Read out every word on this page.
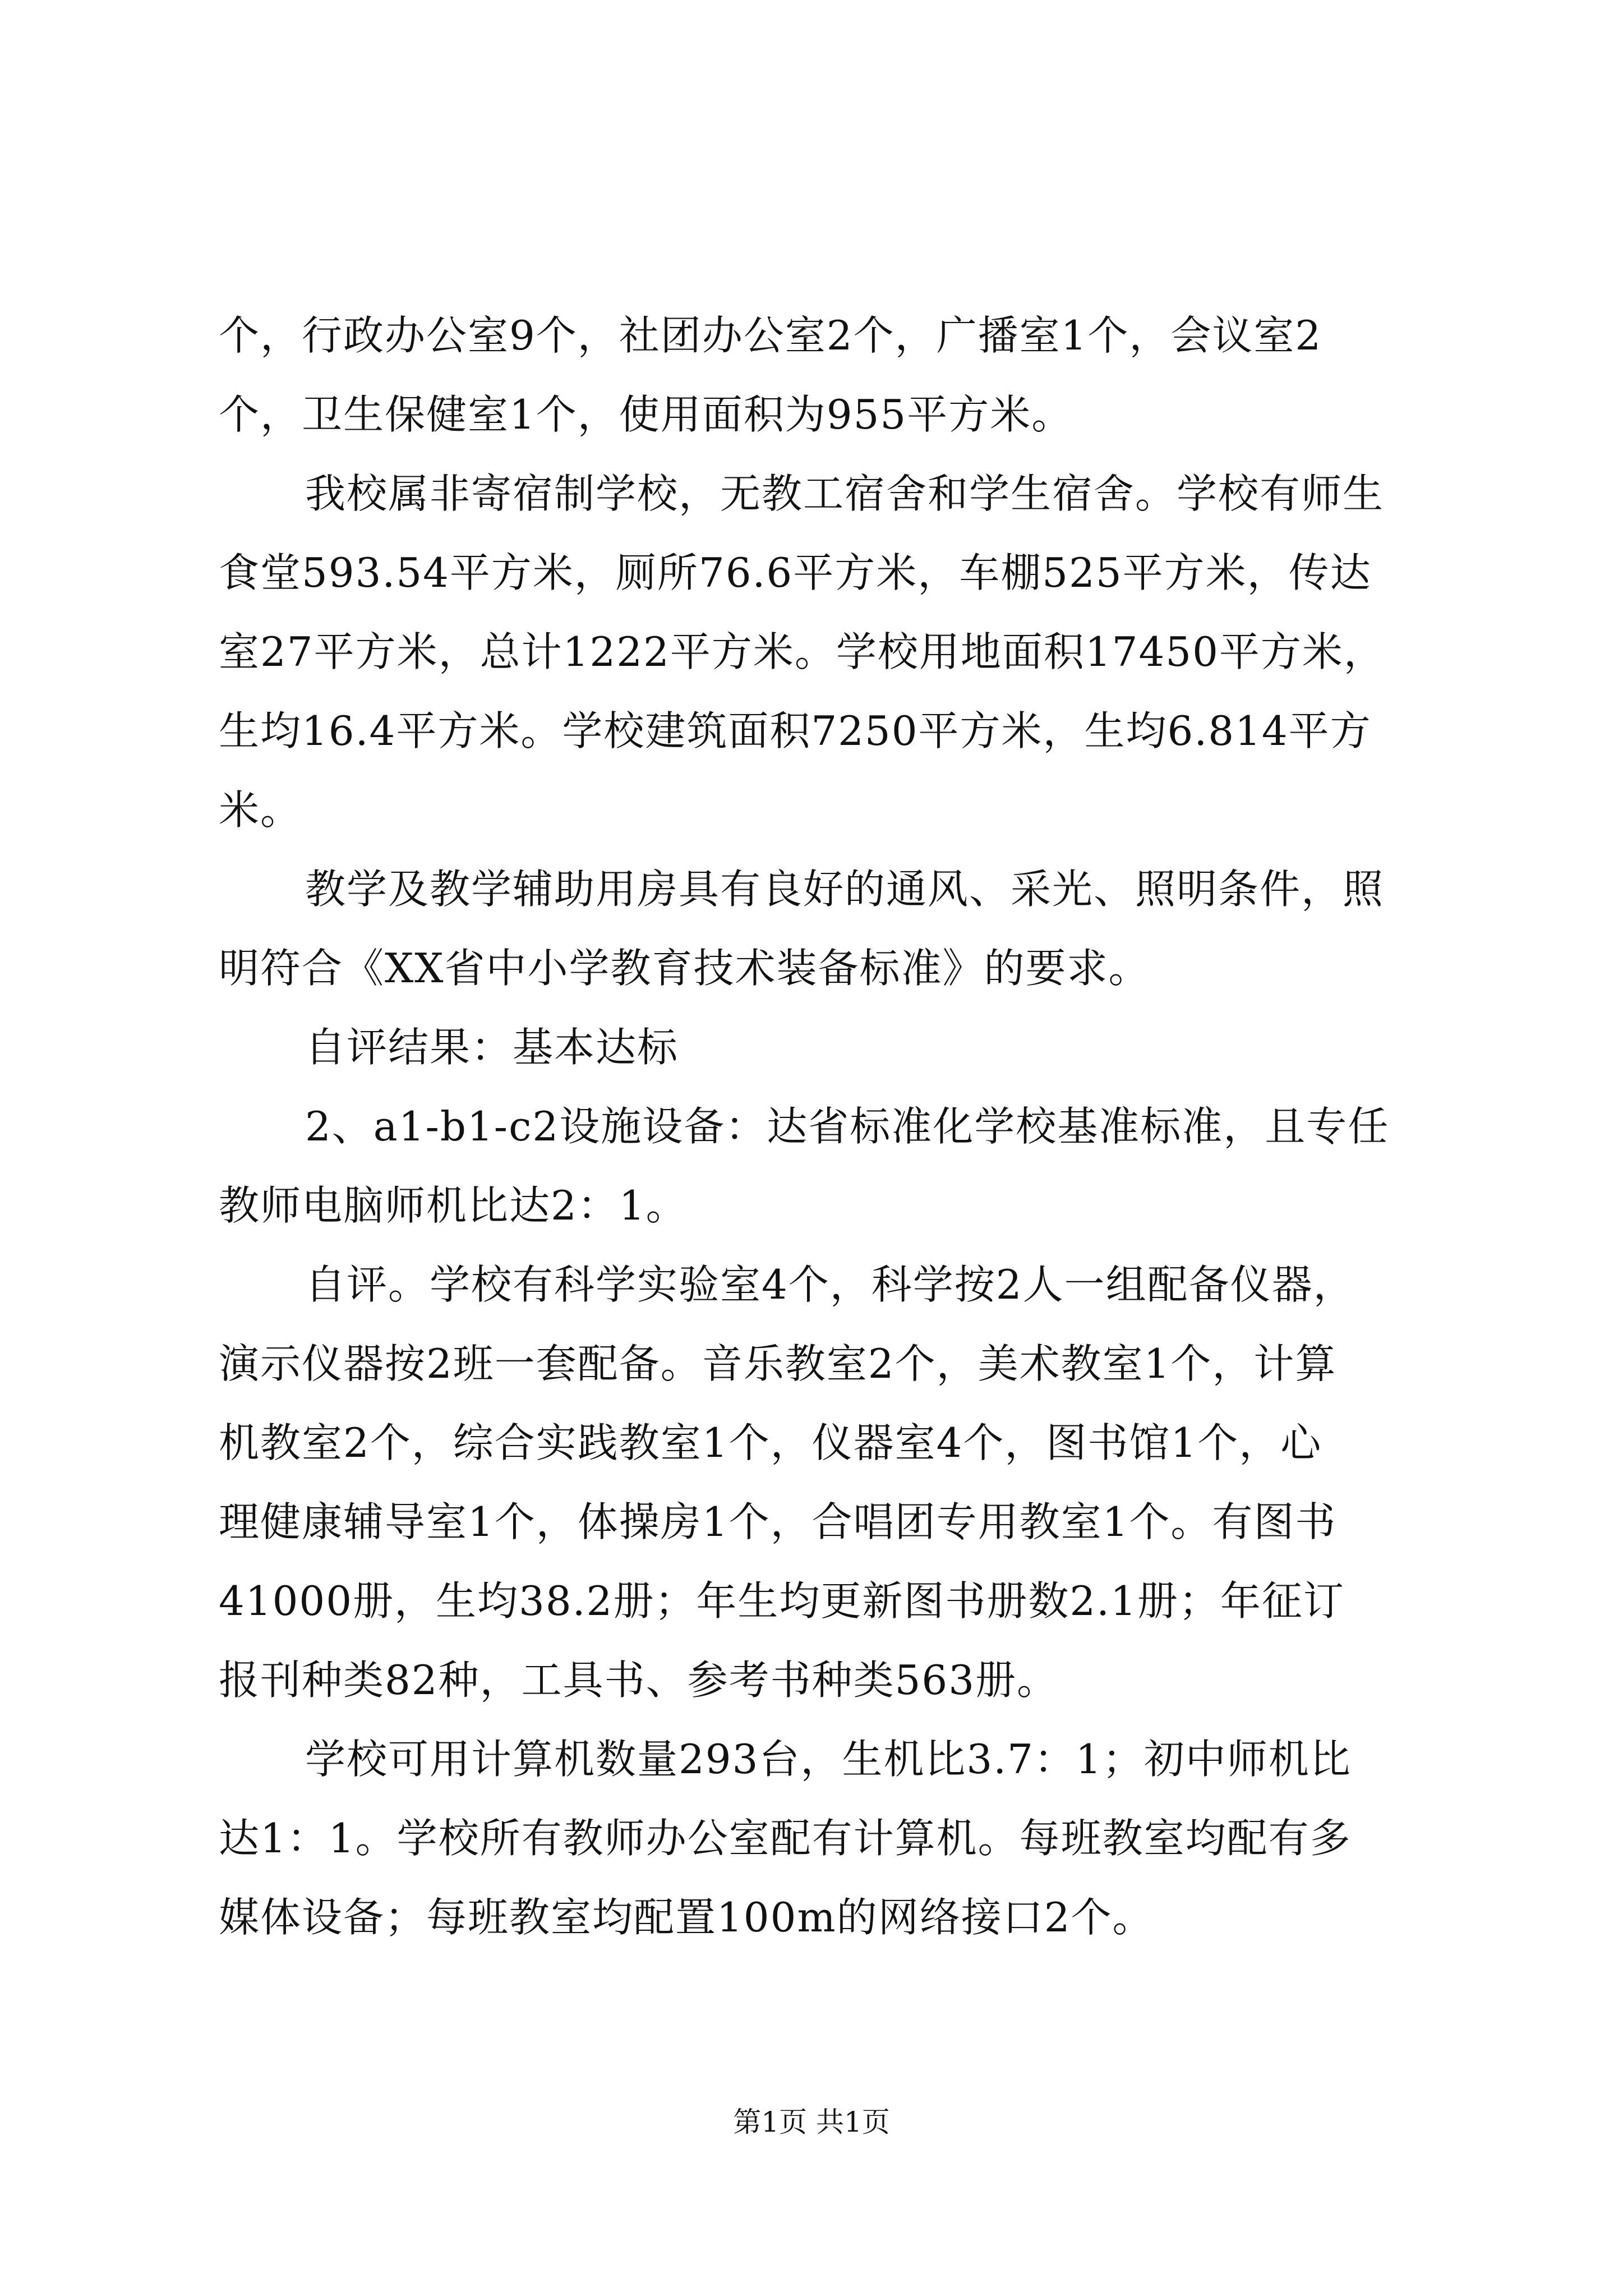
个，行政办公室9个，社团办公室2个，广播室1个，会议室2
个，卫生保健室1个，使用面积为955平方米。
我校属非寄宿制学校，无教工宿舍和学生宿舍。学校有师生
食堂593.54平方米，厕所76.6平方米，车棚525平方米，传达
室27平方米，总计1222平方米。学校用地面积17450平方米，
生均16.4平方米。学校建筑面积7250平方米，生均6.814平方
米。
教学及教学辅助用房具有良好的通风、采光、照明条件，照
明符合《XX省中小学教育技术装备标准》的要求。
自评结果：基本达标
2、a1-b1-c2设施设备：达省标准化学校基准标准，且专任
教师电脑师机比达2：1。
自评。学校有科学实验室4个，科学按2人一组配备仪器，
演示仪器按2班一套配备。音乐教室2个，美术教室1个，计算
机教室2个，综合实践教室1个，仪器室4个，图书馆1个，心
理健康辅导室1个，体操房1个，合唱团专用教室1个。有图书
41000册，生均38.2册；年生均更新图书册数2.1册；年征订
报刊种类82种，工具书、参考书种类563册。
学校可用计算机数量293台，生机比3.7：1；初中师机比
达1：1。学校所有教师办公室配有计算机。每班教室均配有多
媒体设备；每班教室均配置100m的网络接口2个。
第1页 共1页
